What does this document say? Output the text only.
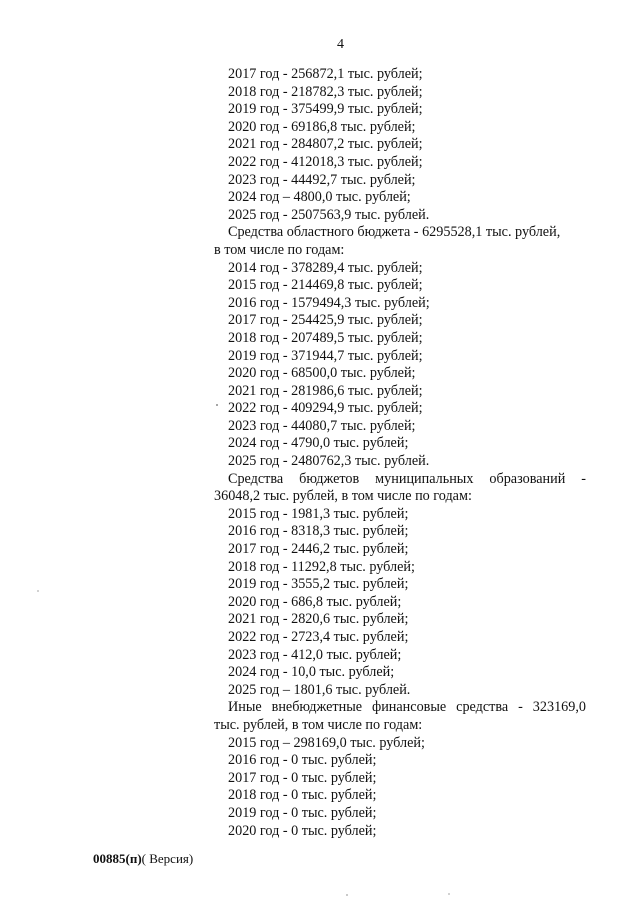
4
2017 год - 256872,1 тыс. рублей;
2018 год - 218782,3 тыс. рублей;
2019 год - 375499,9 тыс. рублей;
2020 год - 69186,8 тыс. рублей;
2021 год - 284807,2 тыс. рублей;
2022 год - 412018,3 тыс. рублей;
2023 год - 44492,7 тыс. рублей;
2024 год – 4800,0 тыс. рублей;
2025 год - 2507563,9 тыс. рублей.
Средства областного бюджета - 6295528,1 тыс. рублей,
в том числе по годам:
2014 год - 378289,4 тыс. рублей;
2015 год - 214469,8 тыс. рублей;
2016 год - 1579494,3 тыс. рублей;
2017 год - 254425,9 тыс. рублей;
2018 год - 207489,5 тыс. рублей;
2019 год - 371944,7 тыс. рублей;
2020 год - 68500,0 тыс. рублей;
2021 год - 281986,6 тыс. рублей;
2022 год - 409294,9 тыс. рублей;
2023 год - 44080,7 тыс. рублей;
2024 год - 4790,0 тыс. рублей;
2025 год - 2480762,3 тыс. рублей.
Средства бюджетов муниципальных образований -
36048,2 тыс. рублей, в том числе по годам:
2015 год - 1981,3 тыс. рублей;
2016 год - 8318,3 тыс. рублей;
2017 год - 2446,2 тыс. рублей;
2018 год - 11292,8 тыс. рублей;
2019 год - 3555,2 тыс. рублей;
2020 год - 686,8 тыс. рублей;
2021 год - 2820,6 тыс. рублей;
2022 год - 2723,4 тыс. рублей;
2023 год - 412,0 тыс. рублей;
2024 год - 10,0 тыс. рублей;
2025 год – 1801,6 тыс. рублей.
Иные внебюджетные финансовые средства - 323169,0
тыс. рублей, в том числе по годам:
2015 год – 298169,0 тыс. рублей;
2016 год - 0 тыс. рублей;
2017 год - 0 тыс. рублей;
2018 год - 0 тыс. рублей;
2019 год - 0 тыс. рублей;
2020 год - 0 тыс. рублей;
00885(п)( Версия)
